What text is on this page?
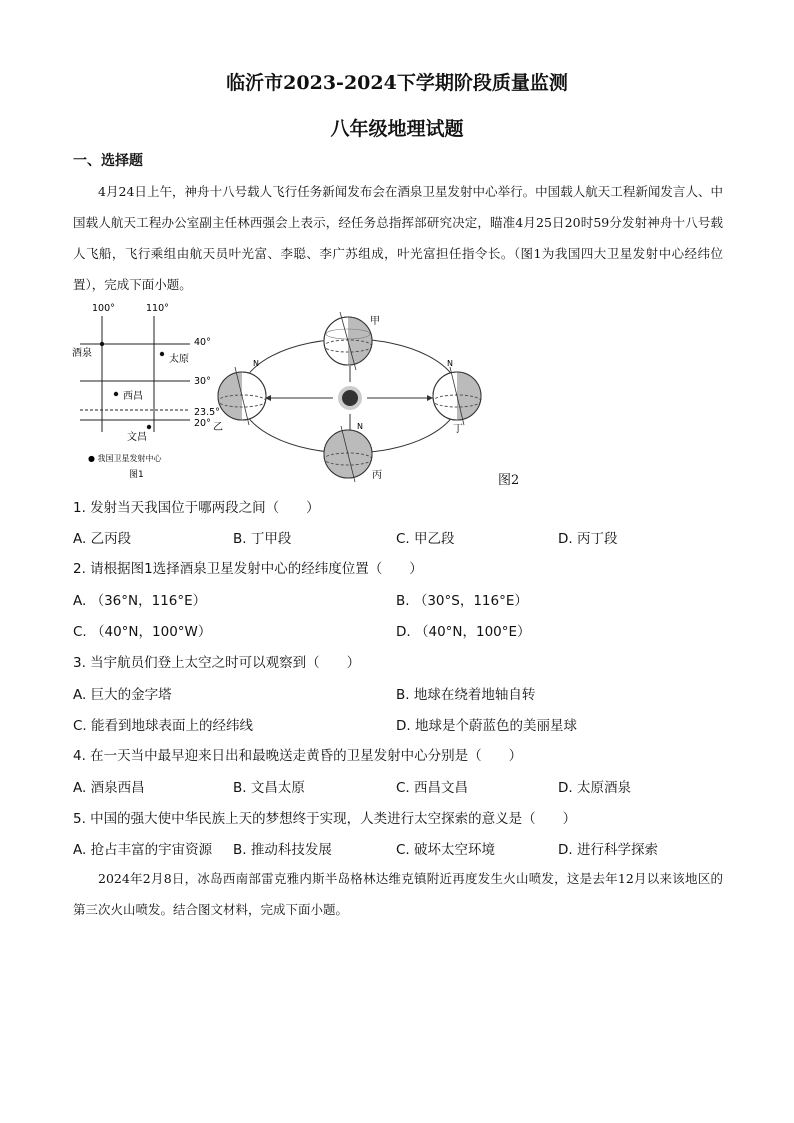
临沂市2023-2024下学期阶段质量监测
八年级地理试题
一、选择题
4月24日上午，神舟十八号载人飞行任务新闻发布会在酒泉卫星发射中心举行。中国载人航天工程新闻发言人、中国载人航天工程办公室副主任林西强会上表示，经任务总指挥部研究决定，瞄准4月25日20时59分发射神舟十八号载人飞船，飞行乘组由航天员叶光富、李聪、李广苏组成，叶光富担任指令长。（图1为我国四大卫星发射中心经纬位置），完成下面小题。
100°	110°
40°
30°
23.5°
20°
酒泉
太原
西昌
文昌
● 我国卫星发射中心
图1
甲
N
乙	N
丙
N
丁
图2
1. 发射当天我国位于哪两段之间（　　）
A. 乙丙段	B. 丁甲段	C. 甲乙段	D. 丙丁段
2. 请根据图1选择酒泉卫星发射中心的经纬度位置（　　）
A. （36°N，116°E）	B. （30°S，116°E）
C. （40°N，100°W）	D. （40°N，100°E）
3. 当宇航员们登上太空之时可以观察到（　　）
A. 巨大的金字塔	B. 地球在绕着地轴自转
C. 能看到地球表面上的经纬线	D. 地球是个蔚蓝色的美丽星球
4. 在一天当中最早迎来日出和最晚送走黄昏的卫星发射中心分别是（　　）
A. 酒泉西昌	B. 文昌太原	C. 西昌文昌	D. 太原酒泉
5. 中国的强大使中华民族上天的梦想终于实现，人类进行太空探索的意义是（　　）
A. 抢占丰富的宇宙资源 B. 推动科技发展	C. 破坏太空环境	D. 进行科学探索
2024年2月8日，冰岛西南部雷克雅内斯半岛格林达维克镇附近再度发生火山喷发，这是去年12月以来该地区的第三次火山喷发。结合图文材料，完成下面小题。
